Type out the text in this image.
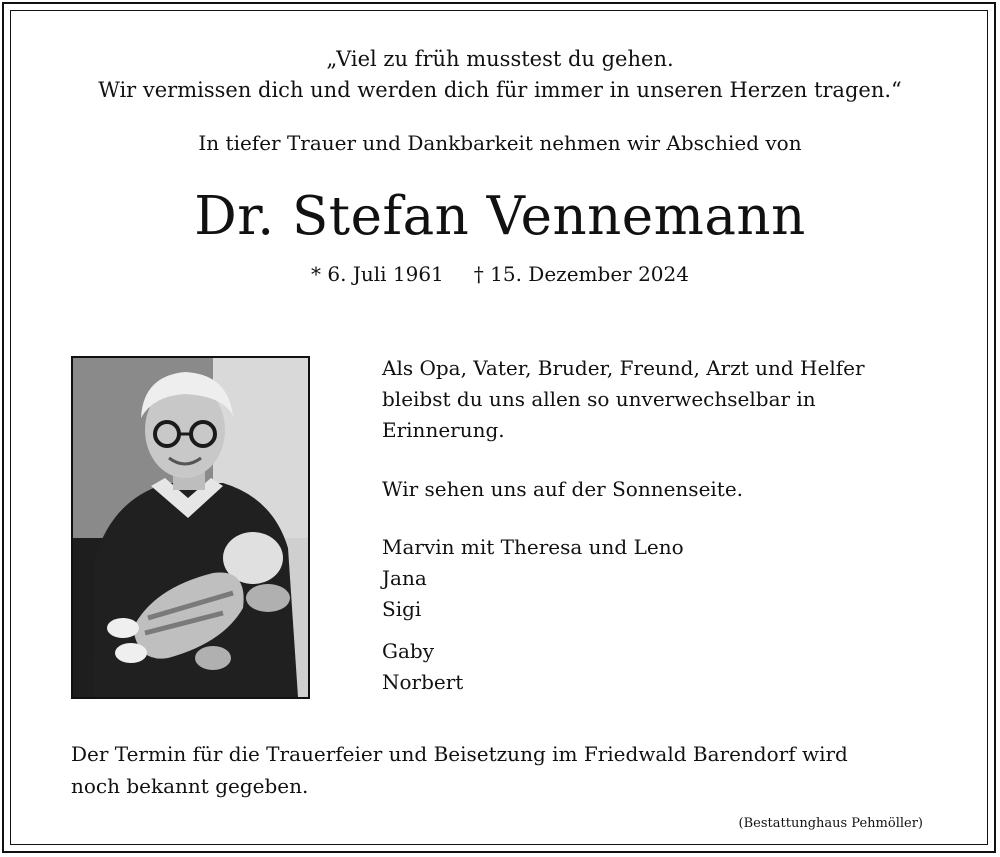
„Viel zu früh musstest du gehen.
Wir vermissen dich und werden dich für immer in unseren Herzen tragen.“
In tiefer Trauer und Dankbarkeit nehmen wir Abschied von
Dr. Stefan Vennemann
* 6. Juli 1961 † 15. Dezember 2024
Als Opa, Vater, Bruder, Freund, Arzt und Helfer
bleibst du uns allen so unverwechselbar in
Erinnerung.
Wir sehen uns auf der Sonnenseite.
Marvin mit Theresa und Leno
Jana
Sigi
Gaby
Norbert
Der Termin für die Trauerfeier und Beisetzung im Friedwald Barendorf wird
noch bekannt gegeben.
(Bestattunghaus Pehmöller)
